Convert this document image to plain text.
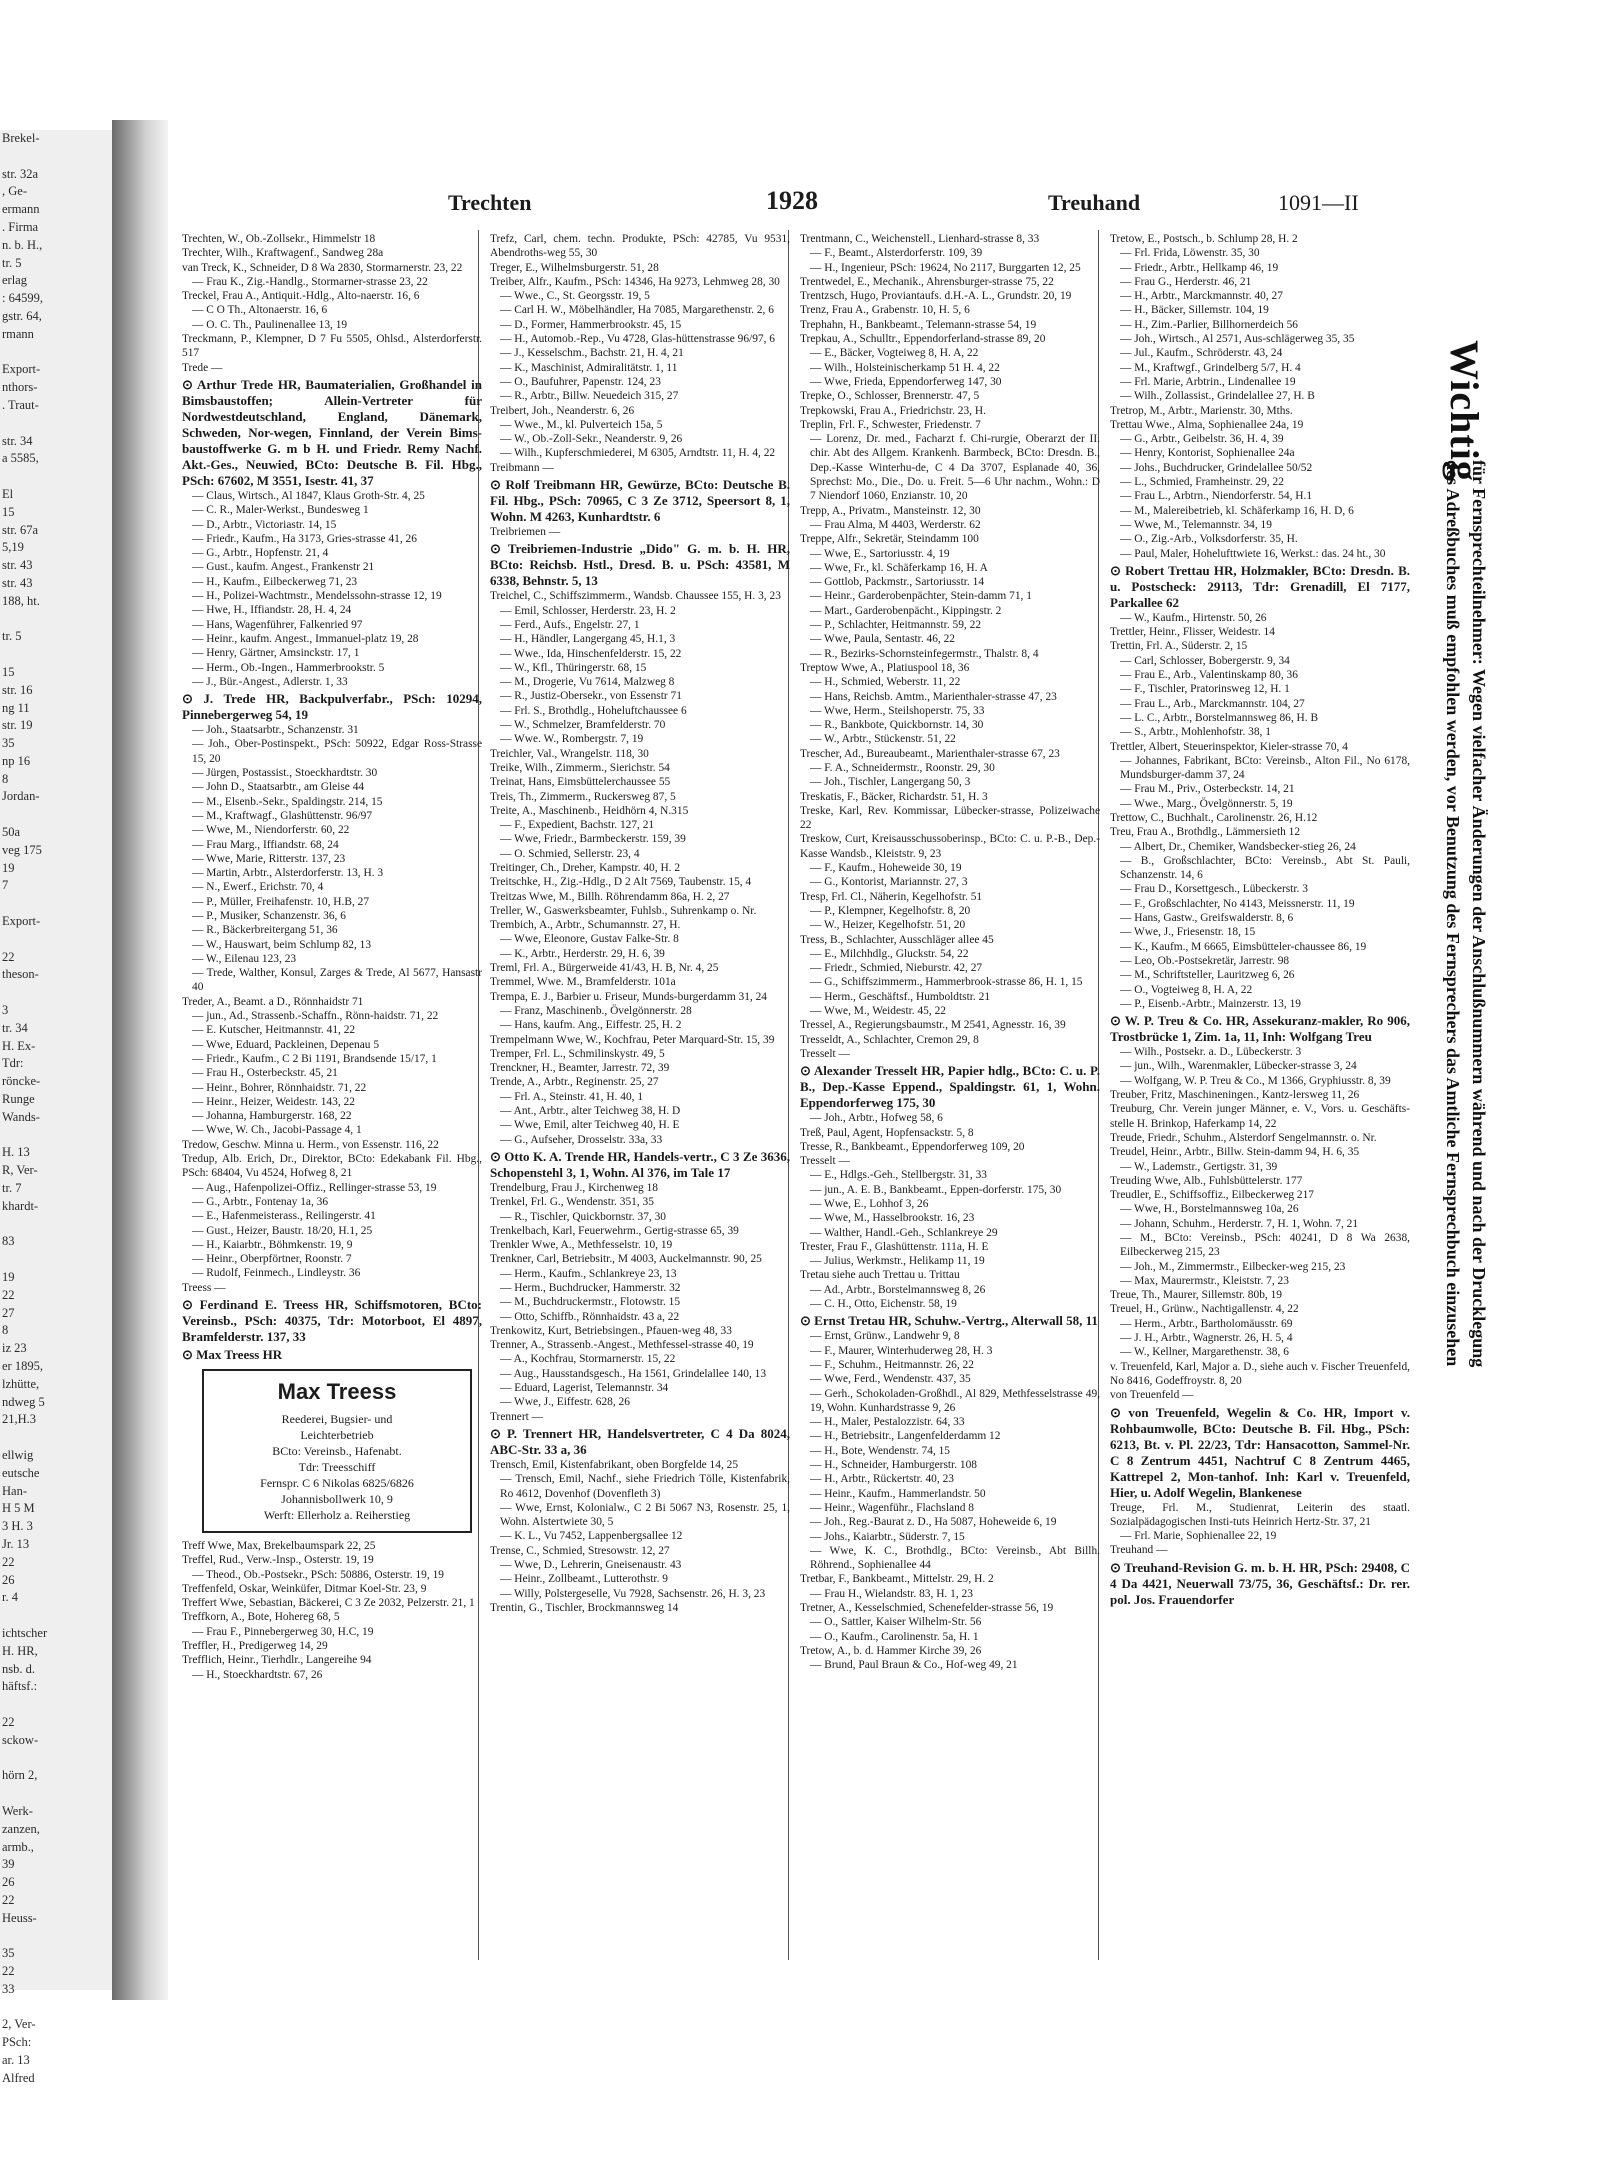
Brekel-

str. 32a
, Ge-
ermann
. Firma
n. b. H.,
tr. 5
erlag
: 64599,
gstr. 64,
rmann

Export-
nthors-
. Traut-

str. 34
a 5585,

El
15
str. 67a
5,19
str. 43
str. 43
188, ht.

tr. 5

15
str. 16
ng 11
str. 19
35
np 16
8
Jordan-

50a
veg 175
19
7

Export-

22
theson-

3
tr. 34
H. Ex-
Tdr:
röncke-
Runge
Wands-

H. 13
R, Ver-
tr. 7
khardt-

83

19
22
27
8
iz 23
er 1895,
lzhütte,
ndweg 5
21,H.3

ellwig
eutsche
Han-
H 5 M
3 H. 3
Jr. 13
22
26
r. 4

ichtscher
H. HR,
nsb. d.
häftsf.:

22
sckow-

hörn 2,

Werk-
zanzen,
armb.,
39
26
22
Heuss-

35
22
33

2, Ver-
PSch:
ar. 13
Alfred
Trechten	1928	Treuhand	1091—II

Trechten, W., Ob.-Zollsekr., Himmelstr 18

Trechter, Wilh., Kraftwagenf., Sandweg 28a

van Treck, K., Schneider, D 8 Wa 2830, Stormarnerstr. 23, 22

— Frau K., Zig.-Handlg., Stormarner-strasse 23, 22

Treckel, Frau A., Antiquit.-Hdlg., Alto-naerstr. 16, 6

— C O Th., Altonaerstr. 16, 6

— O. C. Th., Paulinenallee 13, 19

Treckmann, P., Klempner, D 7 Fu 5505, Ohlsd., Alsterdorferstr. 517

Trede —

⊙ Arthur Trede HR, Baumaterialien, Großhandel in Bimsbaustoffen; Allein-Vertreter für Nordwestdeutschland, England, Dänemark, Schweden, Nor-wegen, Finnland, der Verein Bims-baustoffwerke G. m b H. und Friedr. Remy Nachf. Akt.-Ges., Neuwied, BCto: Deutsche B. Fil. Hbg., PSch: 67602, M 3551, Isestr. 41, 37

— Claus, Wirtsch., Al 1847, Klaus Groth-Str. 4, 25

— C. R., Maler-Werkst., Bundesweg 1

— D., Arbtr., Victoriastr. 14, 15

— Friedr., Kaufm., Ha 3173, Gries-strasse 41, 26

— G., Arbtr., Hopfenstr. 21, 4

— Gust., kaufm. Angest., Frankenstr 21

— H., Kaufm., Eilbeckerweg 71, 23

— H., Polizei-Wachtmstr., Mendelssohn-strasse 12, 19

— Hwe, H., Iffiandstr. 28, H. 4, 24

— Hans, Wagenführer, Falkenried 97

— Heinr., kaufm. Angest., Immanuel-platz 19, 28

— Henry, Gärtner, Amsinckstr. 17, 1

— Herm., Ob.-Ingen., Hammerbrookstr. 5

— J., Bür.-Angest., Adlerstr. 1, 33

⊙ J. Trede HR, Backpulverfabr., PSch: 10294, Pinnebergerweg 54, 19

— Joh., Staatsarbtr., Schanzenstr. 31

— Joh., Ober-Postinspekt., PSch: 50922, Edgar Ross-Strasse 15, 20

— Jürgen, Postassist., Stoeckhardtstr. 30

— John D., Staatsarbtr., am Gleise 44

— M., Elsenb.-Sekr., Spaldingstr. 214, 15

— M., Kraftwagf., Glashüttenstr. 96/97

— Wwe, M., Niendorferstr. 60, 22

— Frau Marg., Iffiandstr. 68, 24

— Wwe, Marie, Ritterstr. 137, 23

— Martin, Arbtr., Alsterdorferstr. 13, H. 3

— N., Ewerf., Erichstr. 70, 4

— P., Müller, Freihafenstr. 10, H.B, 27

— P., Musiker, Schanzenstr. 36, 6

— R., Bäckerbreitergang 51, 36

— W., Hauswart, beim Schlump 82, 13

— W., Eilenau 123, 23

— Trede, Walther, Konsul, Zarges & Trede, Al 5677, Hansastr 40

Treder, A., Beamt. a D., Rönnhaidstr 71

— jun., Ad., Strassenb.-Schaffn., Rönn-haidstr. 71, 22

— E. Kutscher, Heitmannstr. 41, 22

— Wwe, Eduard, Packleinen, Depenau 5

— Friedr., Kaufm., C 2 Bi 1191, Brandsende 15/17, 1

— Frau H., Osterbeckstr. 45, 21

— Heinr., Bohrer, Rönnhaidstr. 71, 22

— Heinr., Heizer, Weidestr. 143, 22

— Johanna, Hamburgerstr. 168, 22

— Wwe, W. Ch., Jacobi-Passage 4, 1

Tredow, Geschw. Minna u. Herm., von Essenstr. 116, 22

Tredup, Alb. Erich, Dr., Direktor, BCto: Edekabank Fil. Hbg., PSch: 68404, Vu 4524, Hofweg 8, 21

— Aug., Hafenpolizei-Offiz., Rellinger-strasse 53, 19

— G., Arbtr., Fontenay 1a, 36

— E., Hafenmeisterass., Reilingerstr. 41

— Gust., Heizer, Baustr. 18/20, H.1, 25

— H., Kaiarbtr., Böhmkenstr. 19, 9

— Heinr., Oberpförtner, Roonstr. 7

— Rudolf, Feinmech., Lindleystr. 36

Treess —

⊙ Ferdinand E. Treess HR, Schiffsmotoren, BCto: Vereinsb., PSch: 40375, Tdr: Motorboot, El 4897, Bramfelderstr. 137, 33

⊙ Max Treess HR

Max Treess
Reederei, Bugsier- und
Leichterbetrieb
BCto: Vereinsb., Hafenabt.
Tdr: Treesschiff
Fernspr. C 6 Nikolas 6825/6826
Johannisbollwerk 10, 9
Werft: Ellerholz a. Reiherstieg

Treff Wwe, Max, Brekelbaumspark 22, 25

Treffel, Rud., Verw.-Insp., Osterstr. 19, 19

— Theod., Ob.-Postsekr., PSch: 50886, Osterstr. 19, 19

Treffenfeld, Oskar, Weinküfer, Ditmar Koel-Str. 23, 9

Treffert Wwe, Sebastian, Bäckerei, C 3 Ze 2032, Pelzerstr. 21, 1

Treffkorn, A., Bote, Hohereg 68, 5

— Frau F., Pinnebergerweg 30, H.C, 19

Treffler, H., Predigerweg 14, 29

Trefflich, Heinr., Tierhdlr., Langereihe 94

— H., Stoeckhardtstr. 67, 26

Trefz, Carl, chem. techn. Produkte, PSch: 42785, Vu 9531, Abendroths-weg 55, 30

Treger, E., Wilhelmsburgerstr. 51, 28

Treiber, Alfr., Kaufm., PSch: 14346, Ha 9273, Lehmweg 28, 30

— Wwe., C., St. Georgsstr. 19, 5

— Carl H. W., Möbelhändler, Ha 7085, Margarethenstr. 2, 6

— D., Former, Hammerbrookstr. 45, 15

— H., Automob.-Rep., Vu 4728, Glas-hüttenstrasse 96/97, 6

— J., Kesselschm., Bachstr. 21, H. 4, 21

— K., Maschinist, Admiralitätstr. 1, 11

— O., Baufuhrer, Papenstr. 124, 23

— R., Arbtr., Billw. Neuedeich 315, 27

Treibert, Joh., Neanderstr. 6, 26

— Wwe., M., kl. Pulverteich 15a, 5

— W., Ob.-Zoll-Sekr., Neanderstr. 9, 26

— Wilh., Kupferschmiederei, M 6305, Arndtstr. 11, H. 4, 22

Treibmann —

⊙ Rolf Treibmann HR, Gewürze, BCto: Deutsche B. Fil. Hbg., PSch: 70965, C 3 Ze 3712, Speersort 8, 1, Wohn. M 4263, Kunhardtstr. 6

Treibriemen —

⊙ Treibriemen-Industrie „Dido" G. m. b. H. HR, BCto: Reichsb. Hstl., Dresd. B. u. PSch: 43581, M 6338, Behnstr. 5, 13

Treichel, C., Schiffszimmerm., Wandsb. Chaussee 155, H. 3, 23

— Emil, Schlosser, Herderstr. 23, H. 2

— Ferd., Aufs., Engelstr. 27, 1

— H., Händler, Langergang 45, H.1, 3

— Wwe., Ida, Hinschenfelderstr. 15, 22

— W., Kfl., Thüringerstr. 68, 15

— M., Drogerie, Vu 7614, Malzweg 8

— R., Justiz-Obersekr., von Essenstr 71

— Frl. S., Brothdlg., Hoheluftchaussee 6

— W., Schmelzer, Bramfelderstr. 70

— Wwe. W., Rombergstr. 7, 19

Treichler, Val., Wrangelstr. 118, 30

Treike, Wilh., Zimmerm., Sierichstr. 54

Treinat, Hans, Eimsbüttelerchaussee 55

Treis, Th., Zimmerm., Ruckersweg 87, 5

Treite, A., Maschinenb., Heidhörn 4, N.315

— F., Expedient, Bachstr. 127, 21

— Wwe, Friedr., Barmbeckerstr. 159, 39

— O. Schmied, Sellerstr. 23, 4

Treitinger, Ch., Dreher, Kampstr. 40, H. 2

Treitschke, H., Zig.-Hdlg., D 2 Alt 7569, Taubenstr. 15, 4

Treitzas Wwe, M., Billh. Röhrendamm 86a, H. 2, 27

Treller, W., Gaswerksbeamter, Fuhlsb., Suhrenkamp o. Nr.

Trembich, A., Arbtr., Schumannstr. 27, H.

— Wwe, Eleonore, Gustav Falke-Str. 8

— K., Arbtr., Herderstr. 29, H. 6, 39

Treml, Frl. A., Bürgerweide 41/43, H. B, Nr. 4, 25

Tremmel, Wwe. M., Bramfelderstr. 101a

Trempa, E. J., Barbier u. Friseur, Munds-burgerdamm 31, 24

— Franz, Maschinenb., Övelgönnerstr. 28

— Hans, kaufm. Ang., Eiffestr. 25, H. 2

Trempelmann Wwe, W., Kochfrau, Peter Marquard-Str. 15, 39

Tremper, Frl. L., Schmilinskystr. 49, 5

Trenckner, H., Beamter, Jarrestr. 72, 39

Trende, A., Arbtr., Reginenstr. 25, 27

— Frl. A., Steinstr. 41, H. 40, 1

— Ant., Arbtr., alter Teichweg 38, H. D

— Wwe, Emil, alter Teichweg 40, H. E

— G., Aufseher, Drosselstr. 33a, 33

⊙ Otto K. A. Trende HR, Handels-vertr., C 3 Ze 3636, Schopenstehl 3, 1, Wohn. Al 376, im Tale 17

Trendelburg, Frau J., Kirchenweg 18

Trenkel, Frl. G., Wendenstr. 351, 35

— R., Tischler, Quickbornstr. 37, 30

Trenkelbach, Karl, Feuerwehrm., Gertig-strasse 65, 39

Trenkler Wwe, A., Methfesselstr. 10, 19

Trenkner, Carl, Betriebsitr., M 4003, Auckelmannstr. 90, 25

— Herm., Kaufm., Schlankreye 23, 13

— Herm., Buchdrucker, Hammerstr. 32

— M., Buchdruckermstr., Flotowstr. 15

— Otto, Schiffb., Rönnhaidstr. 43 a, 22

Trenkowitz, Kurt, Betriebsingen., Pfauen-weg 48, 33

Trenner, A., Strassenb.-Angest., Methfessel-strasse 40, 19

— A., Kochfrau, Stormarnerstr. 15, 22

— Aug., Hausstandsgesch., Ha 1561, Grindelallee 140, 13

— Eduard, Lagerist, Telemannstr. 34

— Wwe, J., Eiffestr. 628, 26

Trennert —

⊙ P. Trennert HR, Handelsvertreter, C 4 Da 8024, ABC-Str. 33 a, 36

Trensch, Emil, Kistenfabrikant, oben Borgfelde 14, 25

— Trensch, Emil, Nachf., siehe Friedrich Tölle, Kistenfabrik, Ro 4612, Dovenhof (Dovenfleth 3)

— Wwe, Ernst, Kolonialw., C 2 Bi 5067 N3, Rosenstr. 25, 1, Wohn. Alstertwiete 30, 5

— K. L., Vu 7452, Lappenbergsallee 12

Trense, C., Schmied, Stresowstr. 12, 27

— Wwe, D., Lehrerin, Gneisenaustr. 43

— Heinr., Zollbeamt., Lutterothstr. 9

— Willy, Polstergeselle, Vu 7928, Sachsenstr. 26, H. 3, 23

Trentin, G., Tischler, Brockmannsweg 14

Trentmann, C., Weichenstell., Lienhard-strasse 8, 33

— F., Beamt., Alsterdorferstr. 109, 39

— H., Ingenieur, PSch: 19624, No 2117, Burggarten 12, 25

Trentwedel, E., Mechanik., Ahrensburger-strasse 75, 22

Trentzsch, Hugo, Proviantaufs. d.H.-A. L., Grundstr. 20, 19

Trenz, Frau A., Grabenstr. 10, H. 5, 6

Trephahn, H., Bankbeamt., Telemann-strasse 54, 19

Trepkau, A., Schulltr., Eppendorferland-strasse 89, 20

— E., Bäcker, Vogteiweg 8, H. A, 22

— Wilh., Holsteinischerkamp 51 H. 4, 22

— Wwe, Frieda, Eppendorferweg 147, 30

Trepke, O., Schlosser, Brennerstr. 47, 5

Trepkowski, Frau A., Friedrichstr. 23, H.

Treplin, Frl. F., Schwester, Friedenstr. 7

— Lorenz, Dr. med., Facharzt f. Chi-rurgie, Oberarzt der II. chir. Abt des Allgem. Krankenh. Barmbeck, BCto: Dresdn. B., Dep.-Kasse Winterhu-de, C 4 Da 3707, Esplanade 40, 36, Sprechst: Mo., Die., Do. u. Freit. 5—6 Uhr nachm., Wohn.: D 7 Niendorf 1060, Enzianstr. 10, 20

Trepp, A., Privatm., Mansteinstr. 12, 30

— Frau Alma, M 4403, Werderstr. 62

Treppe, Alfr., Sekretär, Steindamm 100

— Wwe, E., Sartoriusstr. 4, 19

— Wwe, Fr., kl. Schäferkamp 16, H. A

— Gottlob, Packmstr., Sartoriusstr. 14

— Heinr., Garderobenpächter, Stein-damm 71, 1

— Mart., Garderobenpächt., Kippingstr. 2

— P., Schlachter, Heitmannstr. 59, 22

— Wwe, Paula, Sentastr. 46, 22

— R., Bezirks-Schornsteinfegermstr., Thalstr. 8, 4

Treptow Wwe, A., Platiuspool 18, 36

— H., Schmied, Weberstr. 11, 22

— Hans, Reichsb. Amtm., Marienthaler-strasse 47, 23

— Wwe, Herm., Steilshoperstr. 75, 33

— R., Bankbote, Quickbornstr. 14, 30

— W., Arbtr., Stückenstr. 51, 22

Trescher, Ad., Bureaubeamt., Marienthaler-strasse 67, 23

— F. A., Schneidermstr., Roonstr. 29, 30

— Joh., Tischler, Langergang 50, 3

Treskatis, F., Bäcker, Richardstr. 51, H. 3

Treske, Karl, Rev. Kommissar, Lübecker-strasse, Polizeiwache 22

Treskow, Curt, Kreisausschussoberinsp., BCto: C. u. P.-B., Dep.-Kasse Wandsb., Kleiststr. 9, 23

— F., Kaufm., Hoheweide 30, 19

— G., Kontorist, Mariannstr. 27, 3

Tresp, Frl. Cl., Näherin, Kegelhofstr. 51

— P., Klempner, Kegelhofstr. 8, 20

— W., Heizer, Kegelhofstr. 51, 20

Tress, B., Schlachter, Ausschläger allee 45

— E., Milchhdlg., Gluckstr. 54, 22

— Friedr., Schmied, Nieburstr. 42, 27

— G., Schiffszimmerm., Hammerbrook-strasse 86, H. 1, 15

— Herm., Geschäftsf., Humboldtstr. 21

— Wwe, M., Weidestr. 45, 22

Tressel, A., Regierungsbaumstr., M 2541, Agnesstr. 16, 39

Tresseldt, A., Schlachter, Cremon 29, 8

Tresselt —

⊙ Alexander Tresselt HR, Papier hdlg., BCto: C. u. P. B., Dep.-Kasse Eppend., Spaldingstr. 61, 1, Wohn. Eppendorferweg 175, 30

— Joh., Arbtr., Hofweg 58, 6

Treß, Paul, Agent, Hopfensackstr. 5, 8

Tresse, R., Bankbeamt., Eppendorferweg 109, 20

Tresselt —

— E., Hdlgs.-Geh., Stellbergstr. 31, 33

— jun., A. E. B., Bankbeamt., Eppen-dorferstr. 175, 30

— Wwe, E., Lohhof 3, 26

— Wwe, M., Hasselbrookstr. 16, 23

— Walther, Handl.-Geh., Schlankreye 29

Trester, Frau F., Glashüttenstr. 111a, H. E

— Julius, Werkmstr., Helikamp 11, 19

Tretau siehe auch Trettau u. Trittau

— Ad., Arbtr., Borstelmannsweg 8, 26

— C. H., Otto, Eichenstr. 58, 19

⊙ Ernst Tretau HR, Schuhw.-Vertrg., Alterwall 58, 11

— Ernst, Grünw., Landwehr 9, 8

— F., Maurer, Winterhuderweg 28, H. 3

— F., Schuhm., Heitmannstr. 26, 22

— Wwe, Ferd., Wendenstr. 437, 35

— Gerh., Schokoladen-Großhdl., Al 829, Methfesselstrasse 49, 19, Wohn. Kunhardstrasse 9, 26

— H., Maler, Pestalozzistr. 64, 33

— H., Betriebsitr., Langenfelderdamm 12

— H., Bote, Wendenstr. 74, 15

— H., Schneider, Hamburgerstr. 108

— H., Arbtr., Rückertstr. 40, 23

— Heinr., Kaufm., Hammerlandstr. 50

— Heinr., Wagenführ., Flachsland 8

— Joh., Reg.-Baurat z. D., Ha 5087, Hoheweide 6, 19

— Johs., Kaiarbtr., Süderstr. 7, 15

— Wwe, K. C., Brothdlg., BCto: Vereinsb., Abt Billh. Röhrend., Sophienallee 44

Tretbar, F., Bankbeamt., Mittelstr. 29, H. 2

— Frau H., Wielandstr. 83, H. 1, 23

Tretner, A., Kesselschmied, Schenefelder-strasse 56, 19

— O., Sattler, Kaiser Wilhelm-Str. 56

— O., Kaufm., Carolinenstr. 5a, H. 1

Tretow, A., b. d. Hammer Kirche 39, 26

— Brund, Paul Braun & Co., Hof-weg 49, 21

Tretow, E., Postsch., b. Schlump 28, H. 2

— Frl. Frida, Löwenstr. 35, 30

— Friedr., Arbtr., Hellkamp 46, 19

— Frau G., Herderstr. 46, 21

— H., Arbtr., Marckmannstr. 40, 27

— H., Bäcker, Sillemstr. 104, 19

— H., Zim.-Parlier, Billhornerdeich 56

— Joh., Wirtsch., Al 2571, Aus-schlägerweg 35, 35

— Jul., Kaufm., Schröderstr. 43, 24

— M., Kraftwgf., Grindelberg 5/7, H. 4

— Frl. Marie, Arbtrin., Lindenallee 19

— Wilh., Zollassist., Grindelallee 27, H. B

Tretrop, M., Arbtr., Marienstr. 30, Mths.

Trettau Wwe., Alma, Sophienallee 24a, 19

— G., Arbtr., Geibelstr. 36, H. 4, 39

— Henry, Kontorist, Sophienallee 24a

— Johs., Buchdrucker, Grindelallee 50/52

— L., Schmied, Framheinstr. 29, 22

— Frau L., Arbtrn., Niendorferstr. 54, H.1

— M., Malereibetrieb, kl. Schäferkamp 16, H. D, 6

— Wwe, M., Telemannstr. 34, 19

— O., Zig.-Arb., Volksdorferstr. 35, H.

— Paul, Maler, Hohelufttwiete 16, Werkst.: das. 24 ht., 30

⊙ Robert Trettau HR, Holzmakler, BCto: Dresdn. B. u. Postscheck: 29113, Tdr: Grenadill, El 7177, Parkallee 62

— W., Kaufm., Hirtenstr. 50, 26

Trettler, Heinr., Flisser, Weidestr. 14

Trettin, Frl. A., Süderstr. 2, 15

— Carl, Schlosser, Bobergerstr. 9, 34

— Frau E., Arb., Valentinskamp 80, 36

— F., Tischler, Pratorinsweg 12, H. 1

— Frau L., Arb., Marckmannstr. 104, 27

— L. C., Arbtr., Borstelmannsweg 86, H. B

— S., Arbtr., Mohlenhofstr. 38, 1

Trettler, Albert, Steuerinspektor, Kieler-strasse 70, 4

— Johannes, Fabrikant, BCto: Vereinsb., Alton Fil., No 6178, Mundsburger-damm 37, 24

— Frau M., Priv., Osterbeckstr. 14, 21

— Wwe., Marg., Övelgönnerstr. 5, 19

Trettow, C., Buchhalt., Carolinenstr. 26, H.12

Treu, Frau A., Brothdlg., Lämmersieth 12

— Albert, Dr., Chemiker, Wandsbecker-stieg 26, 24

— B., Großschlachter, BCto: Vereinsb., Abt St. Pauli, Schanzenstr. 14, 6

— Frau D., Korsettgesch., Lübeckerstr. 3

— F., Großschlachter, No 4143, Meissnerstr. 11, 19

— Hans, Gastw., Greifswalderstr. 8, 6

— Wwe, J., Friesenstr. 18, 15

— K., Kaufm., M 6665, Eimsbütteler-chaussee 86, 19

— Leo, Ob.-Postsekretär, Jarrestr. 98

— M., Schriftsteller, Lauritzweg 6, 26

— O., Vogteiweg 8, H. A, 22

— P., Eisenb.-Arbtr., Mainzerstr. 13, 19

⊙ W. P. Treu & Co. HR, Assekuranz-makler, Ro 906, Trostbrücke 1, Zim. 1a, 11, Inh: Wolfgang Treu

— Wilh., Postsekr. a. D., Lübeckerstr. 3

— jun., Wilh., Warenmakler, Lübecker-strasse 3, 24

— Wolfgang, W. P. Treu & Co., M 1366, Gryphiusstr. 8, 39

Treuber, Fritz, Maschineningen., Kantz-lersweg 11, 26

Treuburg, Chr. Verein junger Männer, e. V., Vors. u. Geschäfts-stelle H. Brinkop, Haferkamp 14, 22

Treude, Friedr., Schuhm., Alsterdorf Sengelmannstr. o. Nr.

Treudel, Heinr., Arbtr., Billw. Stein-damm 94, H. 6, 35

— W., Lademstr., Gertigstr. 31, 39

Treuding Wwe, Alb., Fuhlsbüttelerstr. 177

Treudler, E., Schiffsoffiz., Eilbeckerweg 217

— Wwe, H., Borstelmannsweg 10a, 26

— Johann, Schuhm., Herderstr. 7, H. 1, Wohn. 7, 21

— M., BCto: Vereinsb., PSch: 40241, D 8 Wa 2638, Eilbeckerweg 215, 23

— Joh., M., Zimmermstr., Eilbecker-weg 215, 23

— Max, Maurermstr., Kleiststr. 7, 23

Treue, Th., Maurer, Sillemstr. 80b, 19

Treuel, H., Grünw., Nachtigallenstr. 4, 22

— Herm., Arbtr., Bartholomäusstr. 69

— J. H., Arbtr., Wagnerstr. 26, H. 5, 4

— W., Kellner, Margarethenstr. 38, 6

v. Treuenfeld, Karl, Major a. D., siehe auch v. Fischer Treuenfeld, No 8416, Godeffroystr. 8, 20

von Treuenfeld —

⊙ von Treuenfeld, Wegelin & Co. HR, Import v. Rohbaumwolle, BCto: Deutsche B. Fil. Hbg., PSch: 6213, Bt. v. Pl. 22/23, Tdr: Hansacotton, Sammel-Nr. C 8 Zentrum 4451, Nachtruf C 8 Zentrum 4465, Kattrepel 2, Mon-tanhof. Inh: Karl v. Treuenfeld, Hier, u. Adolf Wegelin, Blankenese

Treuge, Frl. M., Studienrat, Leiterin des staatl. Sozialpädagogischen Insti-tuts Heinrich Hertz-Str. 37, 21

— Frl. Marie, Sophienallee 22, 19

Treuhand —

⊙ Treuhand-Revision G. m. b. H. HR, PSch: 29408, C 4 Da 4421, Neuerwall 73/75, 36, Geschäftsf.: Dr. rer. pol. Jos. Frauendorfer

Wichtig
für Fernsprechteilnehmer: Wegen vielfacher Änderungen der Anschlußnummern während und nach der Drucklegung
des Adreßbuches muß empfohlen werden, vor Benutzung des Fernsprechers das Amtliche Fernsprechbuch einzusehen
